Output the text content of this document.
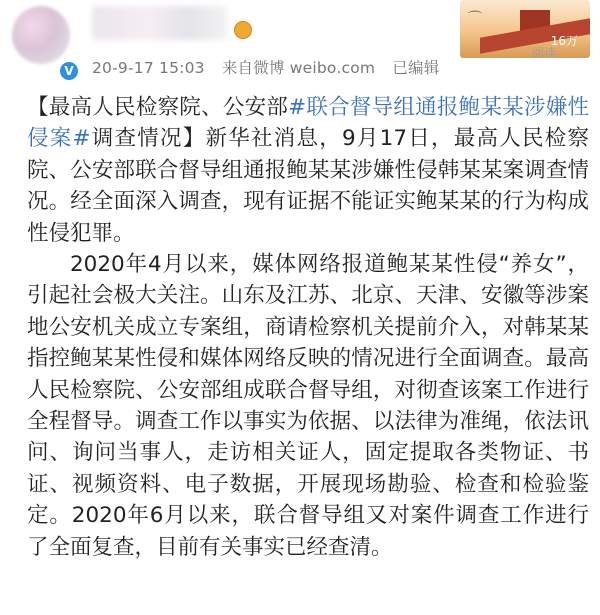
V	20-9-17 15:03 来自微博 weibo.com 已编辑
⌒
16万
阅读

【最高人民检察院、公安部#联合督导组通报鲍某某涉嫌性侵案#调查情况】新华社消息，9月17日，最高人民检察院、公安部联合督导组通报鲍某某涉嫌性侵韩某某案调查情况。经全面深入调查，现有证据不能证实鲍某某的行为构成性侵犯罪。

2020年4月以来，媒体网络报道鲍某某性侵“养女”，引起社会极大关注。山东及江苏、北京、天津、安徽等涉案地公安机关成立专案组，商请检察机关提前介入，对韩某某指控鲍某某性侵和媒体网络反映的情况进行全面调查。最高人民检察院、公安部组成联合督导组，对彻查该案工作进行全程督导。调查工作以事实为依据、以法律为准绳，依法讯问、询问当事人，走访相关证人，固定提取各类物证、书证、视频资料、电子数据，开展现场勘验、检查和检验鉴定。2020年6月以来，联合督导组又对案件调查工作进行了全面复查，目前有关事实已经查清。
